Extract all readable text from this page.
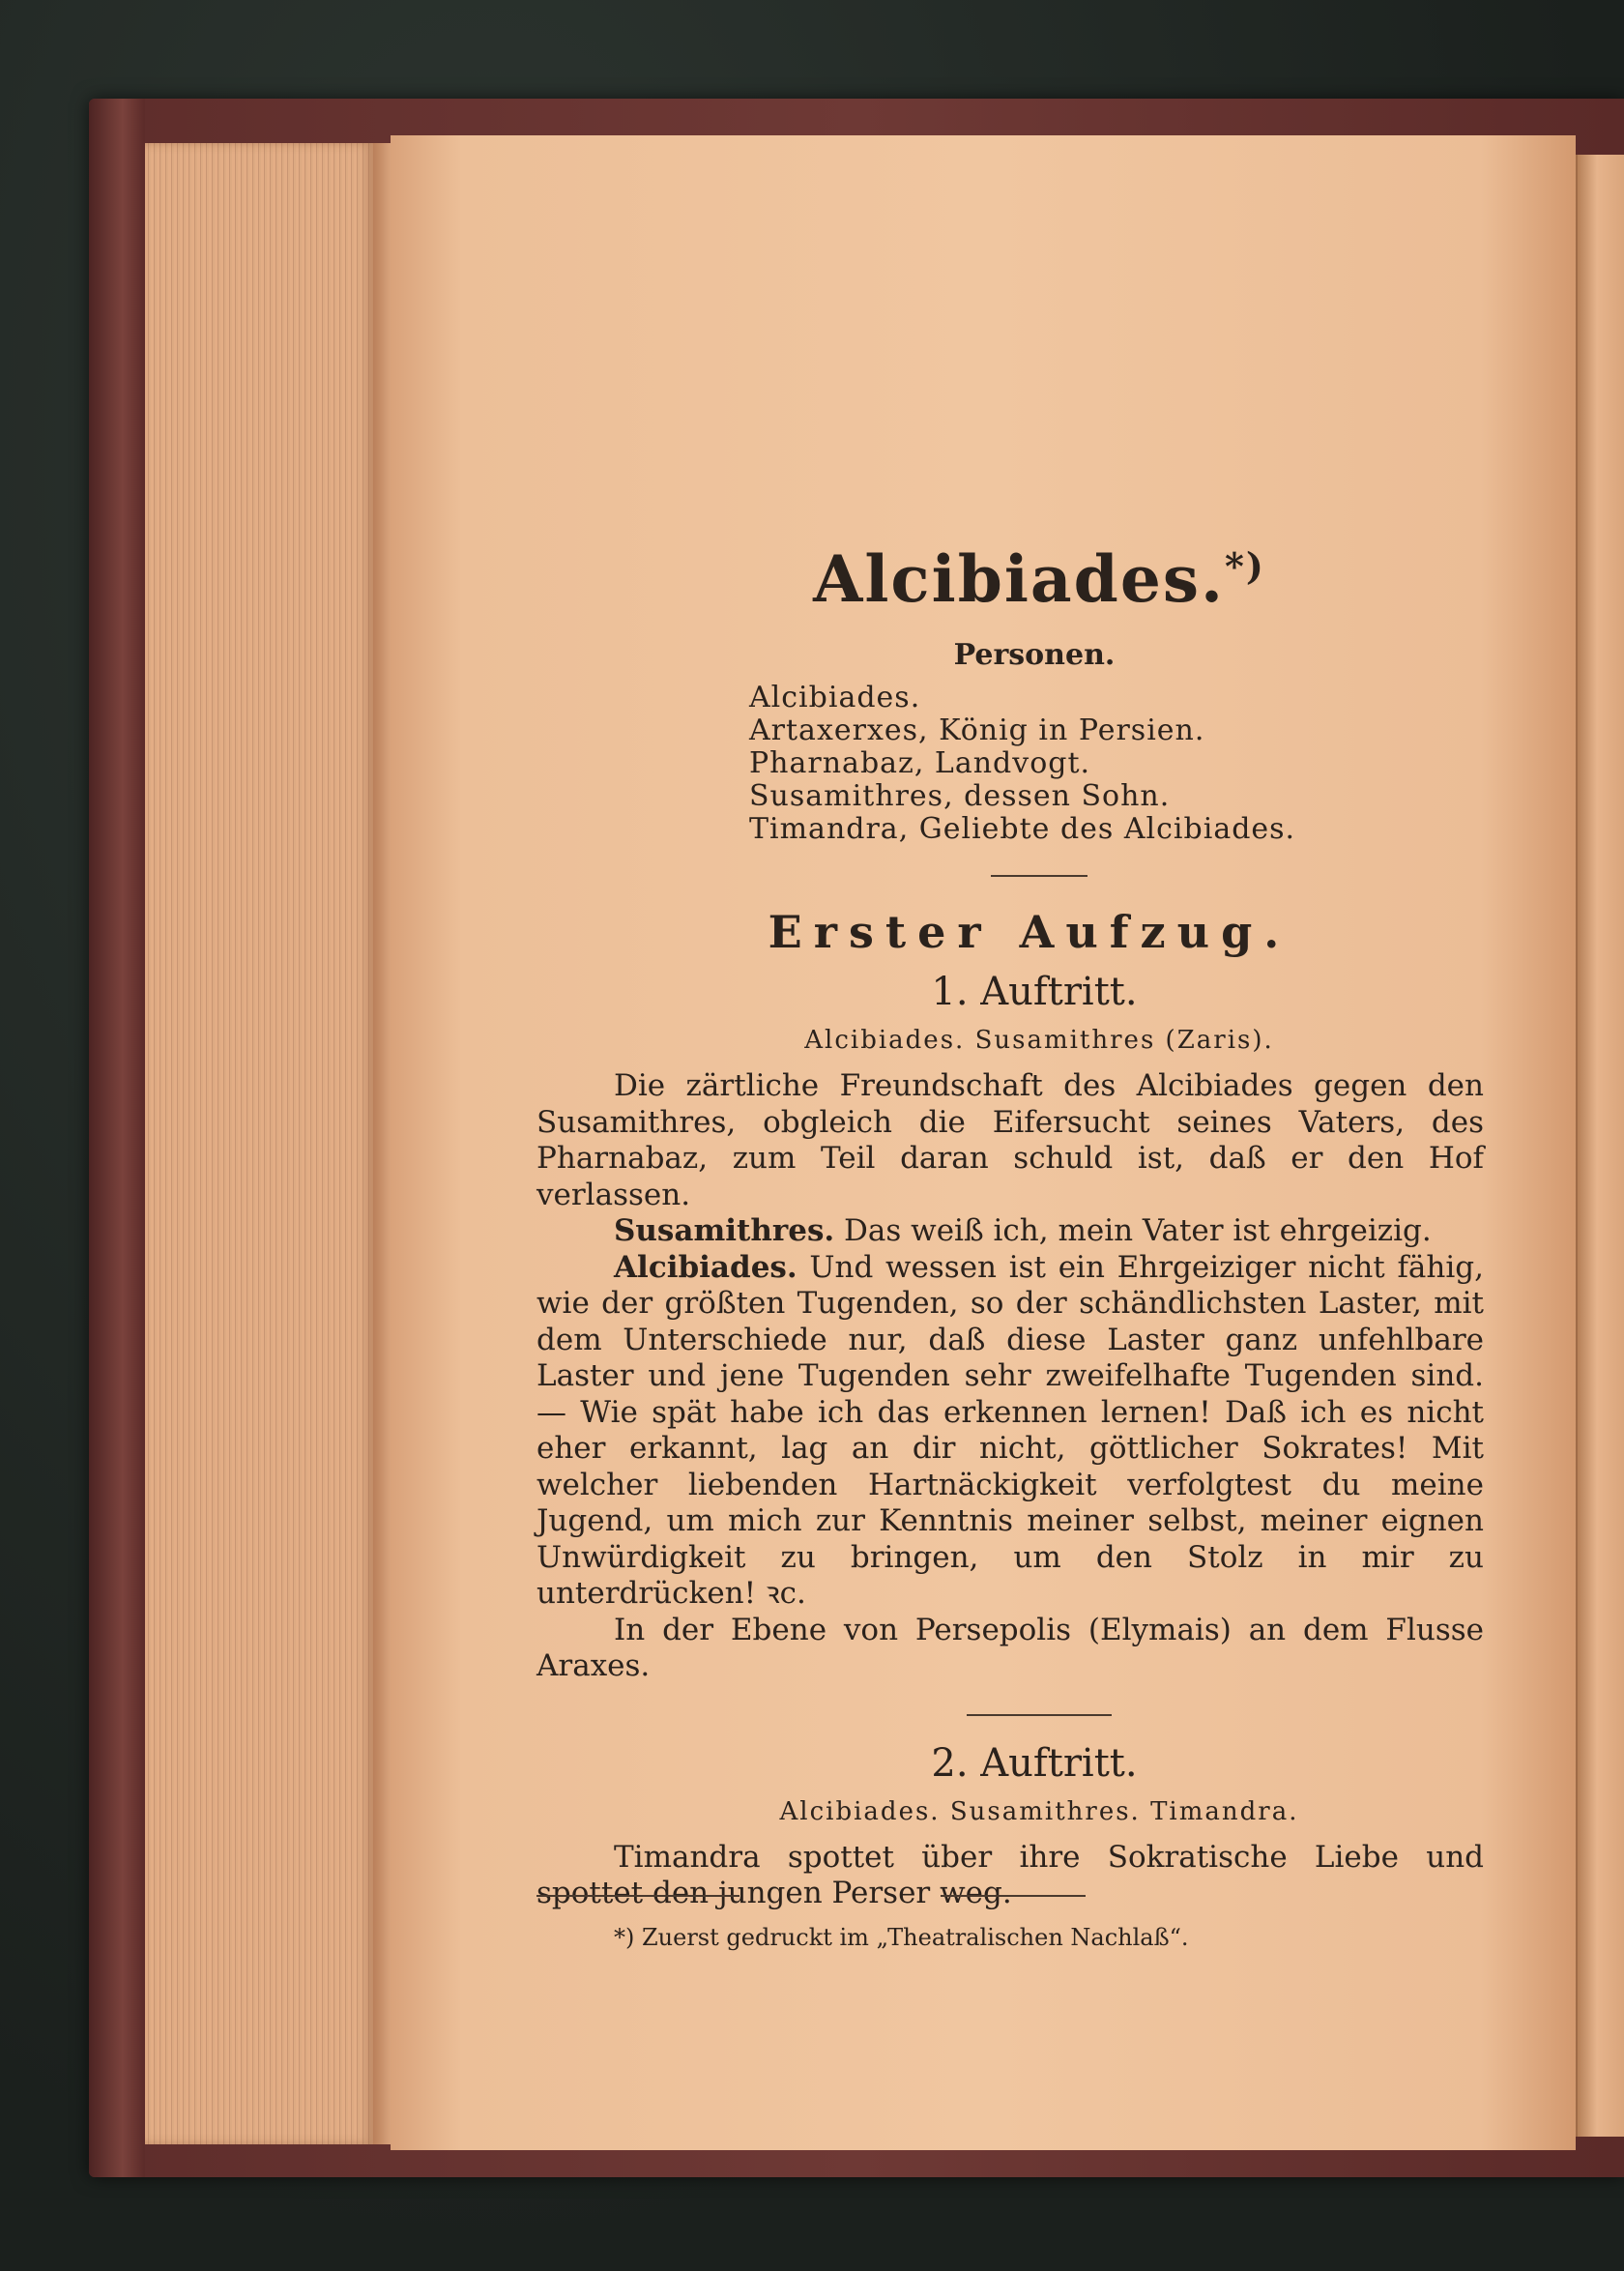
Alcibiades.*)
Personen.
Alcibiades.
Artaxerxes, König in Persien.
Pharnabaz, Landvogt.
Susamithres, dessen Sohn.
Timandra, Geliebte des Alcibiades.
Erster Aufzug.
1. Auftritt.
Alcibiades. Susamithres (Zaris).

Die zärtliche Freundschaft des Alcibiades gegen den Susamithres, obgleich die Eifersucht seines Vaters, des Pharnabaz, zum Teil daran schuld ist, daß er den Hof verlassen.

Susamithres. Das weiß ich, mein Vater ist ehrgeizig.

Alcibiades. Und wessen ist ein Ehrgeiziger nicht fähig, wie der größten Tugenden, so der schändlichsten Laster, mit dem Unterschiede nur, daß diese Laster ganz unfehlbare Laster und jene Tugenden sehr zweifelhafte Tugenden sind. — Wie spät habe ich das erkennen lernen! Daß ich es nicht eher erkannt, lag an dir nicht, göttlicher Sokrates! Mit welcher liebenden Hartnäckigkeit verfolgtest du meine Jugend, um mich zur Kenntnis meiner selbst, meiner eignen Unwürdigkeit zu bringen, um den Stolz in mir zu unterdrücken! ꝛc.

In der Ebene von Persepolis (Elymais) an dem Flusse Araxes.

2. Auftritt.
Alcibiades. Susamithres. Timandra.

Timandra spottet über ihre Sokratische Liebe und spottet den jungen Perser weg.

*) Zuerst gedruckt im „Theatralischen Nachlaß“.
